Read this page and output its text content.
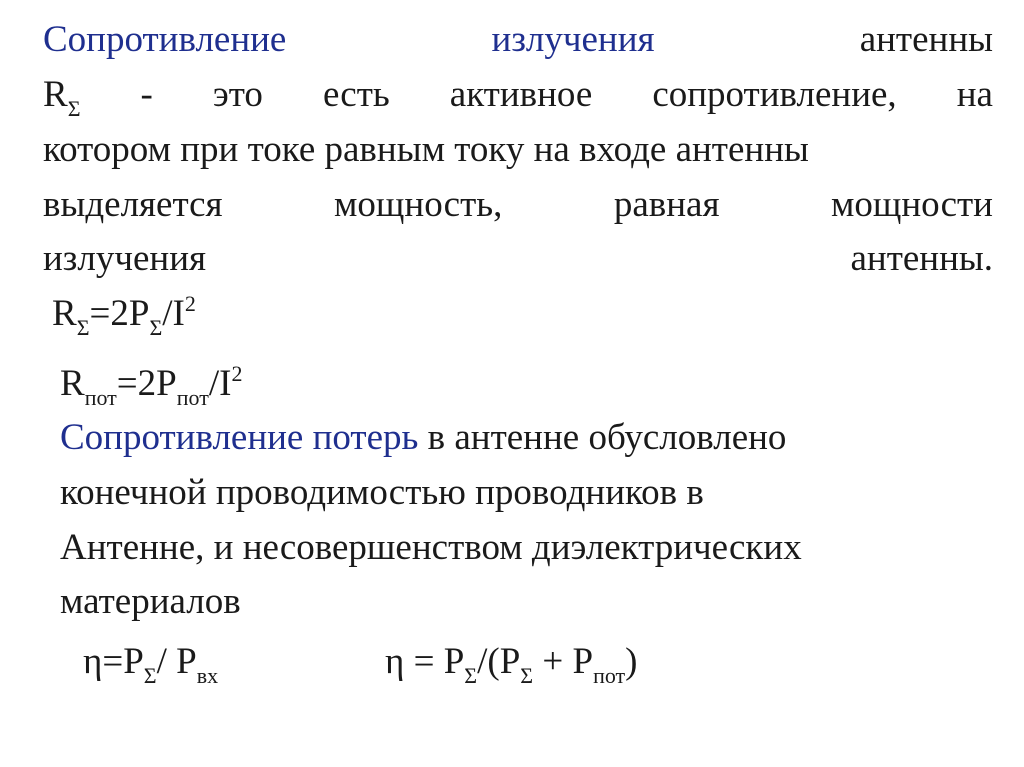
Сопротивление	излучения	антенны
$R_\Sigma$ - это есть активное сопротивление, на
котором при токе равным току на входе антенны
выделяется	мощность,	равная	мощности
излучения	антенны.
$R_\Sigma=2P_\Sigma/I^2$
$R_{пот}=2P_{пот}/I^2$
Сопротивление потерь в антенне обусловлено
конечной проводимостью проводников в
Антенне, и несовершенством диэлектрических
материалов
$\eta=P_\Sigma/$ $P_{вх}$	$\eta = P_\Sigma/(P_\Sigma + P_{пот})$
